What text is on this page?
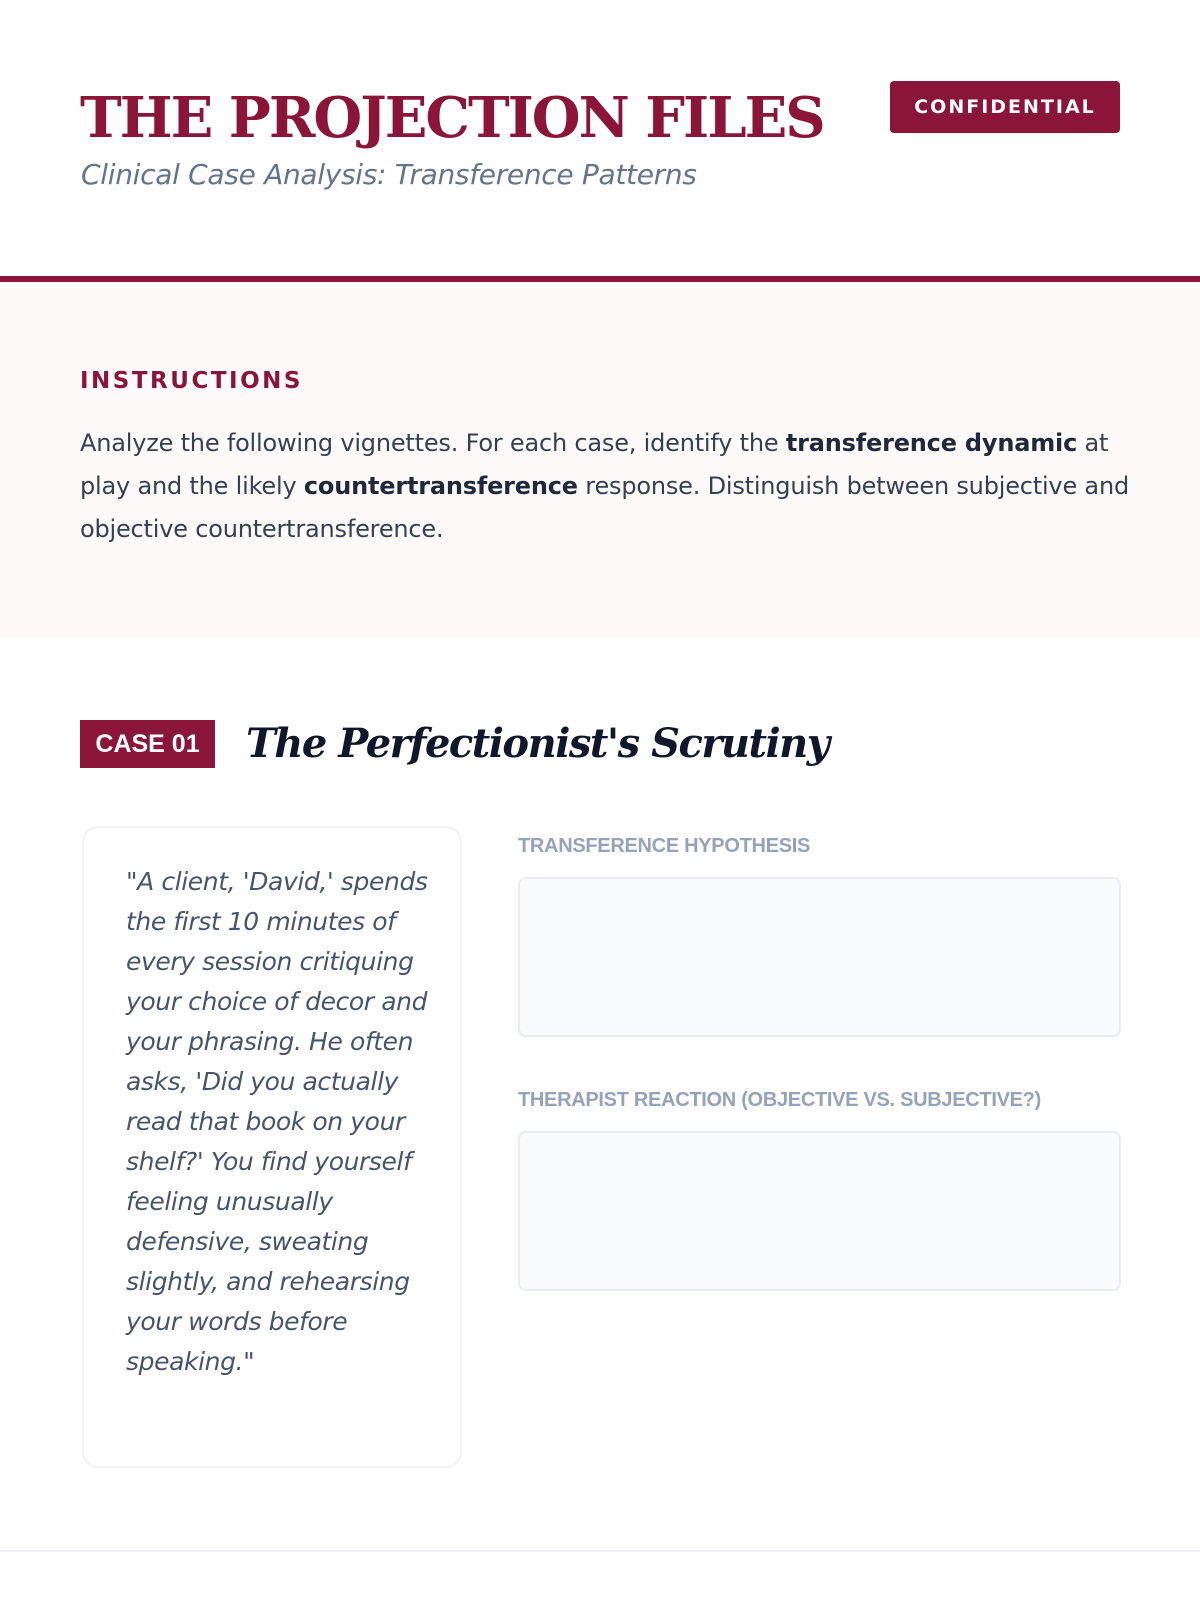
THE PROJECTION FILES

Clinical Case Analysis: Transference Patterns

CONFIDENTIAL
INSTRUCTIONS

Analyze the following vignettes. For each case, identify the transference dynamic at play and the likely countertransference response. Distinguish between subjective and objective countertransference.

CASE 01	The Perfectionist's Scrutiny

"A client, 'David,' spends the first 10 minutes of every session critiquing your choice of decor and your phrasing. He often asks, 'Did you actually read that book on your shelf?' You find yourself feeling unusually defensive, sweating slightly, and rehearsing your words before speaking."

TRANSFERENCE HYPOTHESIS
THERAPIST REACTION (OBJECTIVE VS. SUBJECTIVE?)
